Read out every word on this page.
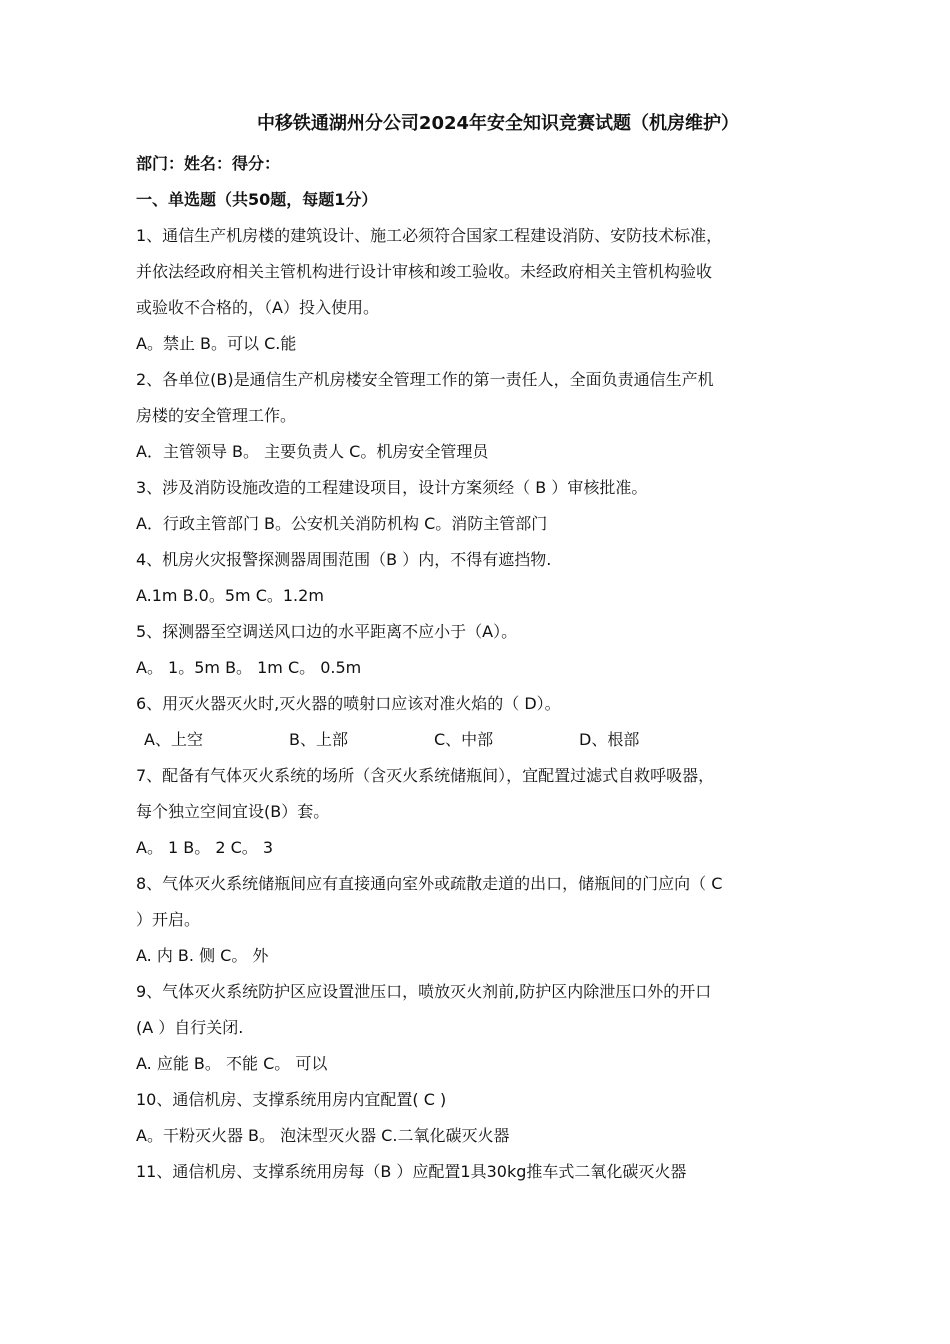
中移铁通湖州分公司2024年安全知识竞赛试题（机房维护）

部门：姓名：得分：

一、单选题（共50题，每题1分）

1、通信生产机房楼的建筑设计、施工必须符合国家工程建设消防、安防技术标准，

并依法经政府相关主管机构进行设计审核和竣工验收。未经政府相关主管机构验收

或验收不合格的，（A）投入使用。

A。禁止 B。可以 C.能

2、各单位(B)是通信生产机房楼安全管理工作的第一责任人，全面负责通信生产机

房楼的安全管理工作。

A．主管领导 B。 主要负责人 C。机房安全管理员

3、涉及消防设施改造的工程建设项目，设计方案须经（ B ）审核批准。

A．行政主管部门 B。公安机关消防机构 C。消防主管部门

4、机房火灾报警探测器周围范围（B ）内，不得有遮挡物.

A.1m B.0。5m C。1.2m

5、探测器至空调送风口边的水平距离不应小于（A）。

A。 1。5m B。 1m C。 0.5m

6、用灭火器灭火时,灭火器的喷射口应该对准火焰的（ D）。

A、上空	B、上部	C、中部	D、根部

7、配备有气体灭火系统的场所（含灭火系统储瓶间），宜配置过滤式自救呼吸器，

每个独立空间宜设(B）套。

A。 1 B。 2 C。 3

8、气体灭火系统储瓶间应有直接通向室外或疏散走道的出口，储瓶间的门应向（ C

）开启。

A. 内 B. 侧 C。 外

9、气体灭火系统防护区应设置泄压口，喷放灭火剂前,防护区内除泄压口外的开口

(A ）自行关闭.

A. 应能 B。 不能 C。 可以

10、通信机房、支撑系统用房内宜配置( C )

A。干粉灭火器 B。 泡沫型灭火器 C.二氧化碳灭火器

11、通信机房、支撑系统用房每（B ）应配置1具30kg推车式二氧化碳灭火器
